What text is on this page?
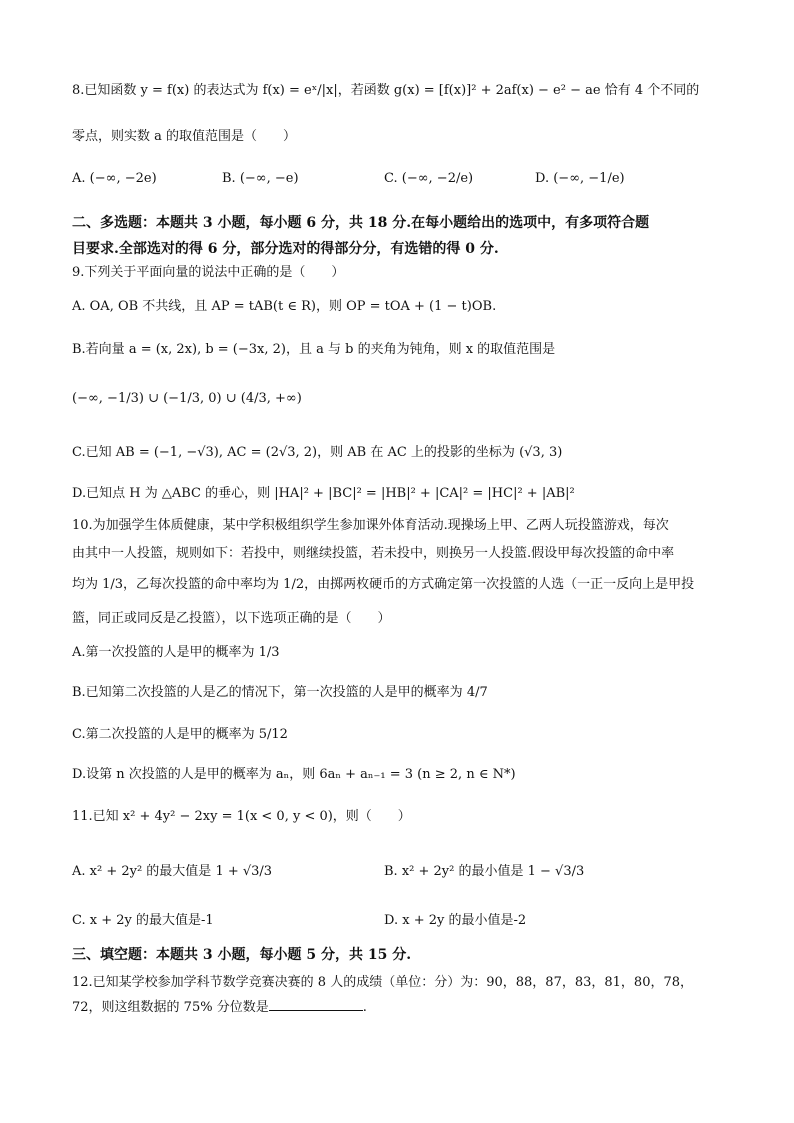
8.已知函数 y = f(x) 的表达式为 f(x) = eˣ/|x|，若函数 g(x) = [f(x)]² + 2af(x) − e² − ae 恰有 4 个不同的
零点，则实数 a 的取值范围是（　　）
A. (−∞, −2e)	B. (−∞, −e)	C. (−∞, −2/e)	D. (−∞, −1/e)
二、多选题：本题共 3 小题，每小题 6 分，共 18 分.在每小题给出的选项中，有多项符合题
目要求.全部选对的得 6 分，部分选对的得部分分，有选错的得 0 分.
9.下列关于平面向量的说法中正确的是（　　）
A. OA, OB 不共线，且 AP = tAB(t ∈ R)，则 OP = tOA + (1 − t)OB.
B.若向量 a = (x, 2x), b = (−3x, 2)，且 a 与 b 的夹角为钝角，则 x 的取值范围是
(−∞, −1/3) ∪ (−1/3, 0) ∪ (4/3, +∞)
C.已知 AB = (−1, −√3), AC = (2√3, 2)，则 AB 在 AC 上的投影的坐标为 (√3, 3)
D.已知点 H 为 △ABC 的垂心，则 |HA|² + |BC|² = |HB|² + |CA|² = |HC|² + |AB|²
10.为加强学生体质健康，某中学积极组织学生参加课外体育活动.现操场上甲、乙两人玩投篮游戏，每次
由其中一人投篮，规则如下：若投中，则继续投篮，若未投中，则换另一人投篮.假设甲每次投篮的命中率
均为 1/3，乙每次投篮的命中率均为 1/2，由掷两枚硬币的方式确定第一次投篮的人选（一正一反向上是甲投
篮，同正或同反是乙投篮），以下选项正确的是（　　）
A.第一次投篮的人是甲的概率为 1/3
B.已知第二次投篮的人是乙的情况下，第一次投篮的人是甲的概率为 4/7
C.第二次投篮的人是甲的概率为 5/12
D.设第 n 次投篮的人是甲的概率为 aₙ，则 6aₙ + aₙ₋₁ = 3 (n ≥ 2, n ∈ N*)
11.已知 x² + 4y² − 2xy = 1(x < 0, y < 0)，则（　　）
A. x² + 2y² 的最大值是 1 + √3/3	B. x² + 2y² 的最小值是 1 − √3/3
C. x + 2y 的最大值是-1	D. x + 2y 的最小值是-2
三、填空题：本题共 3 小题，每小题 5 分，共 15 分.
12.已知某学校参加学科节数学竞赛决赛的 8 人的成绩（单位：分）为：90，88，87，83，81，80，78，
72，则这组数据的 75% 分位数是	.
